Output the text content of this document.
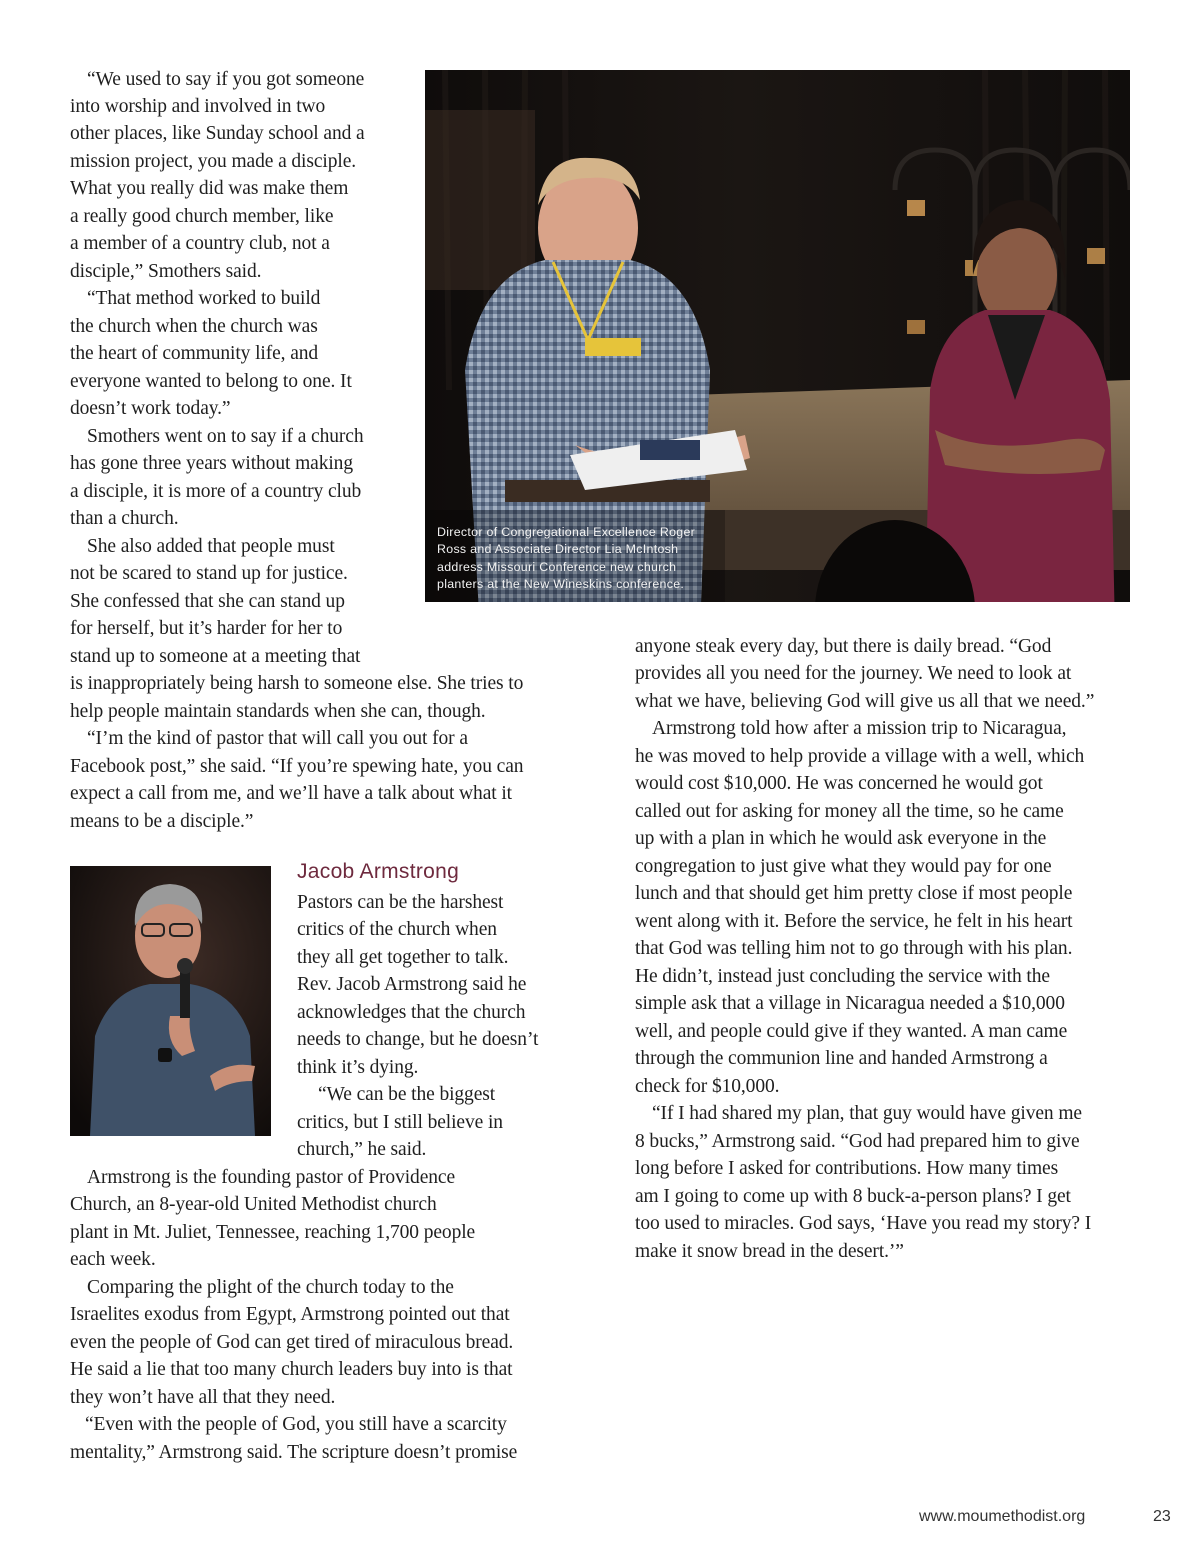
Director of Congregational Excellence Roger
Ross and Associate Director Lia McIntosh
address Missouri Conference new church
planters at the New Wineskins conference.
“We used to say if you got someone
into worship and involved in two
other places, like Sunday school and a
mission project, you made a disciple.
What you really did was make them
a really good church member, like
a member of a country club, not a
disciple,” Smothers said.
“That method worked to build
the church when the church was
the heart of community life, and
everyone wanted to belong to one. It
doesn’t work today.”
Smothers went on to say if a church
has gone three years without making
a disciple, it is more of a country club
than a church.
She also added that people must
not be scared to stand up for justice.
She confessed that she can stand up
for herself, but it’s harder for her to
stand up to someone at a meeting that
is inappropriately being harsh to someone else. She tries to
help people maintain standards when she can, though.
“I’m the kind of pastor that will call you out for a
Facebook post,” she said. “If you’re spewing hate, you can
expect a call from me, and we’ll have a talk about what it
means to be a disciple.”
Jacob Armstrong
Pastors can be the harshest
critics of the church when
they all get together to talk.
Rev. Jacob Armstrong said he
acknowledges that the church
needs to change, but he doesn’t
think it’s dying.
“We can be the biggest
critics, but I still believe in
church,” he said.
Armstrong is the founding pastor of Providence
Church, an 8-year-old United Methodist church
plant in Mt. Juliet, Tennessee, reaching 1,700 people
each week.
Comparing the plight of the church today to the
Israelites exodus from Egypt, Armstrong pointed out that
even the people of God can get tired of miraculous bread.
He said a lie that too many church leaders buy into is that
they won’t have all that they need.
“Even with the people of God, you still have a scarcity
mentality,” Armstrong said. The scripture doesn’t promise
anyone steak every day, but there is daily bread. “God
provides all you need for the journey. We need to look at
what we have, believing God will give us all that we need.”
Armstrong told how after a mission trip to Nicaragua,
he was moved to help provide a village with a well, which
would cost $10,000. He was concerned he would got
called out for asking for money all the time, so he came
up with a plan in which he would ask everyone in the
congregation to just give what they would pay for one
lunch and that should get him pretty close if most people
went along with it. Before the service, he felt in his heart
that God was telling him not to go through with his plan.
He didn’t, instead just concluding the service with the
simple ask that a village in Nicaragua needed a $10,000
well, and people could give if they wanted. A man came
through the communion line and handed Armstrong a
check for $10,000.
“If I had shared my plan, that guy would have given me
8 bucks,” Armstrong said. “God had prepared him to give
long before I asked for contributions. How many times
am I going to come up with 8 buck-a-person plans? I get
too used to miracles. God says, ‘Have you read my story? I
make it snow bread in the desert.’”
www.moumethodist.org	23
